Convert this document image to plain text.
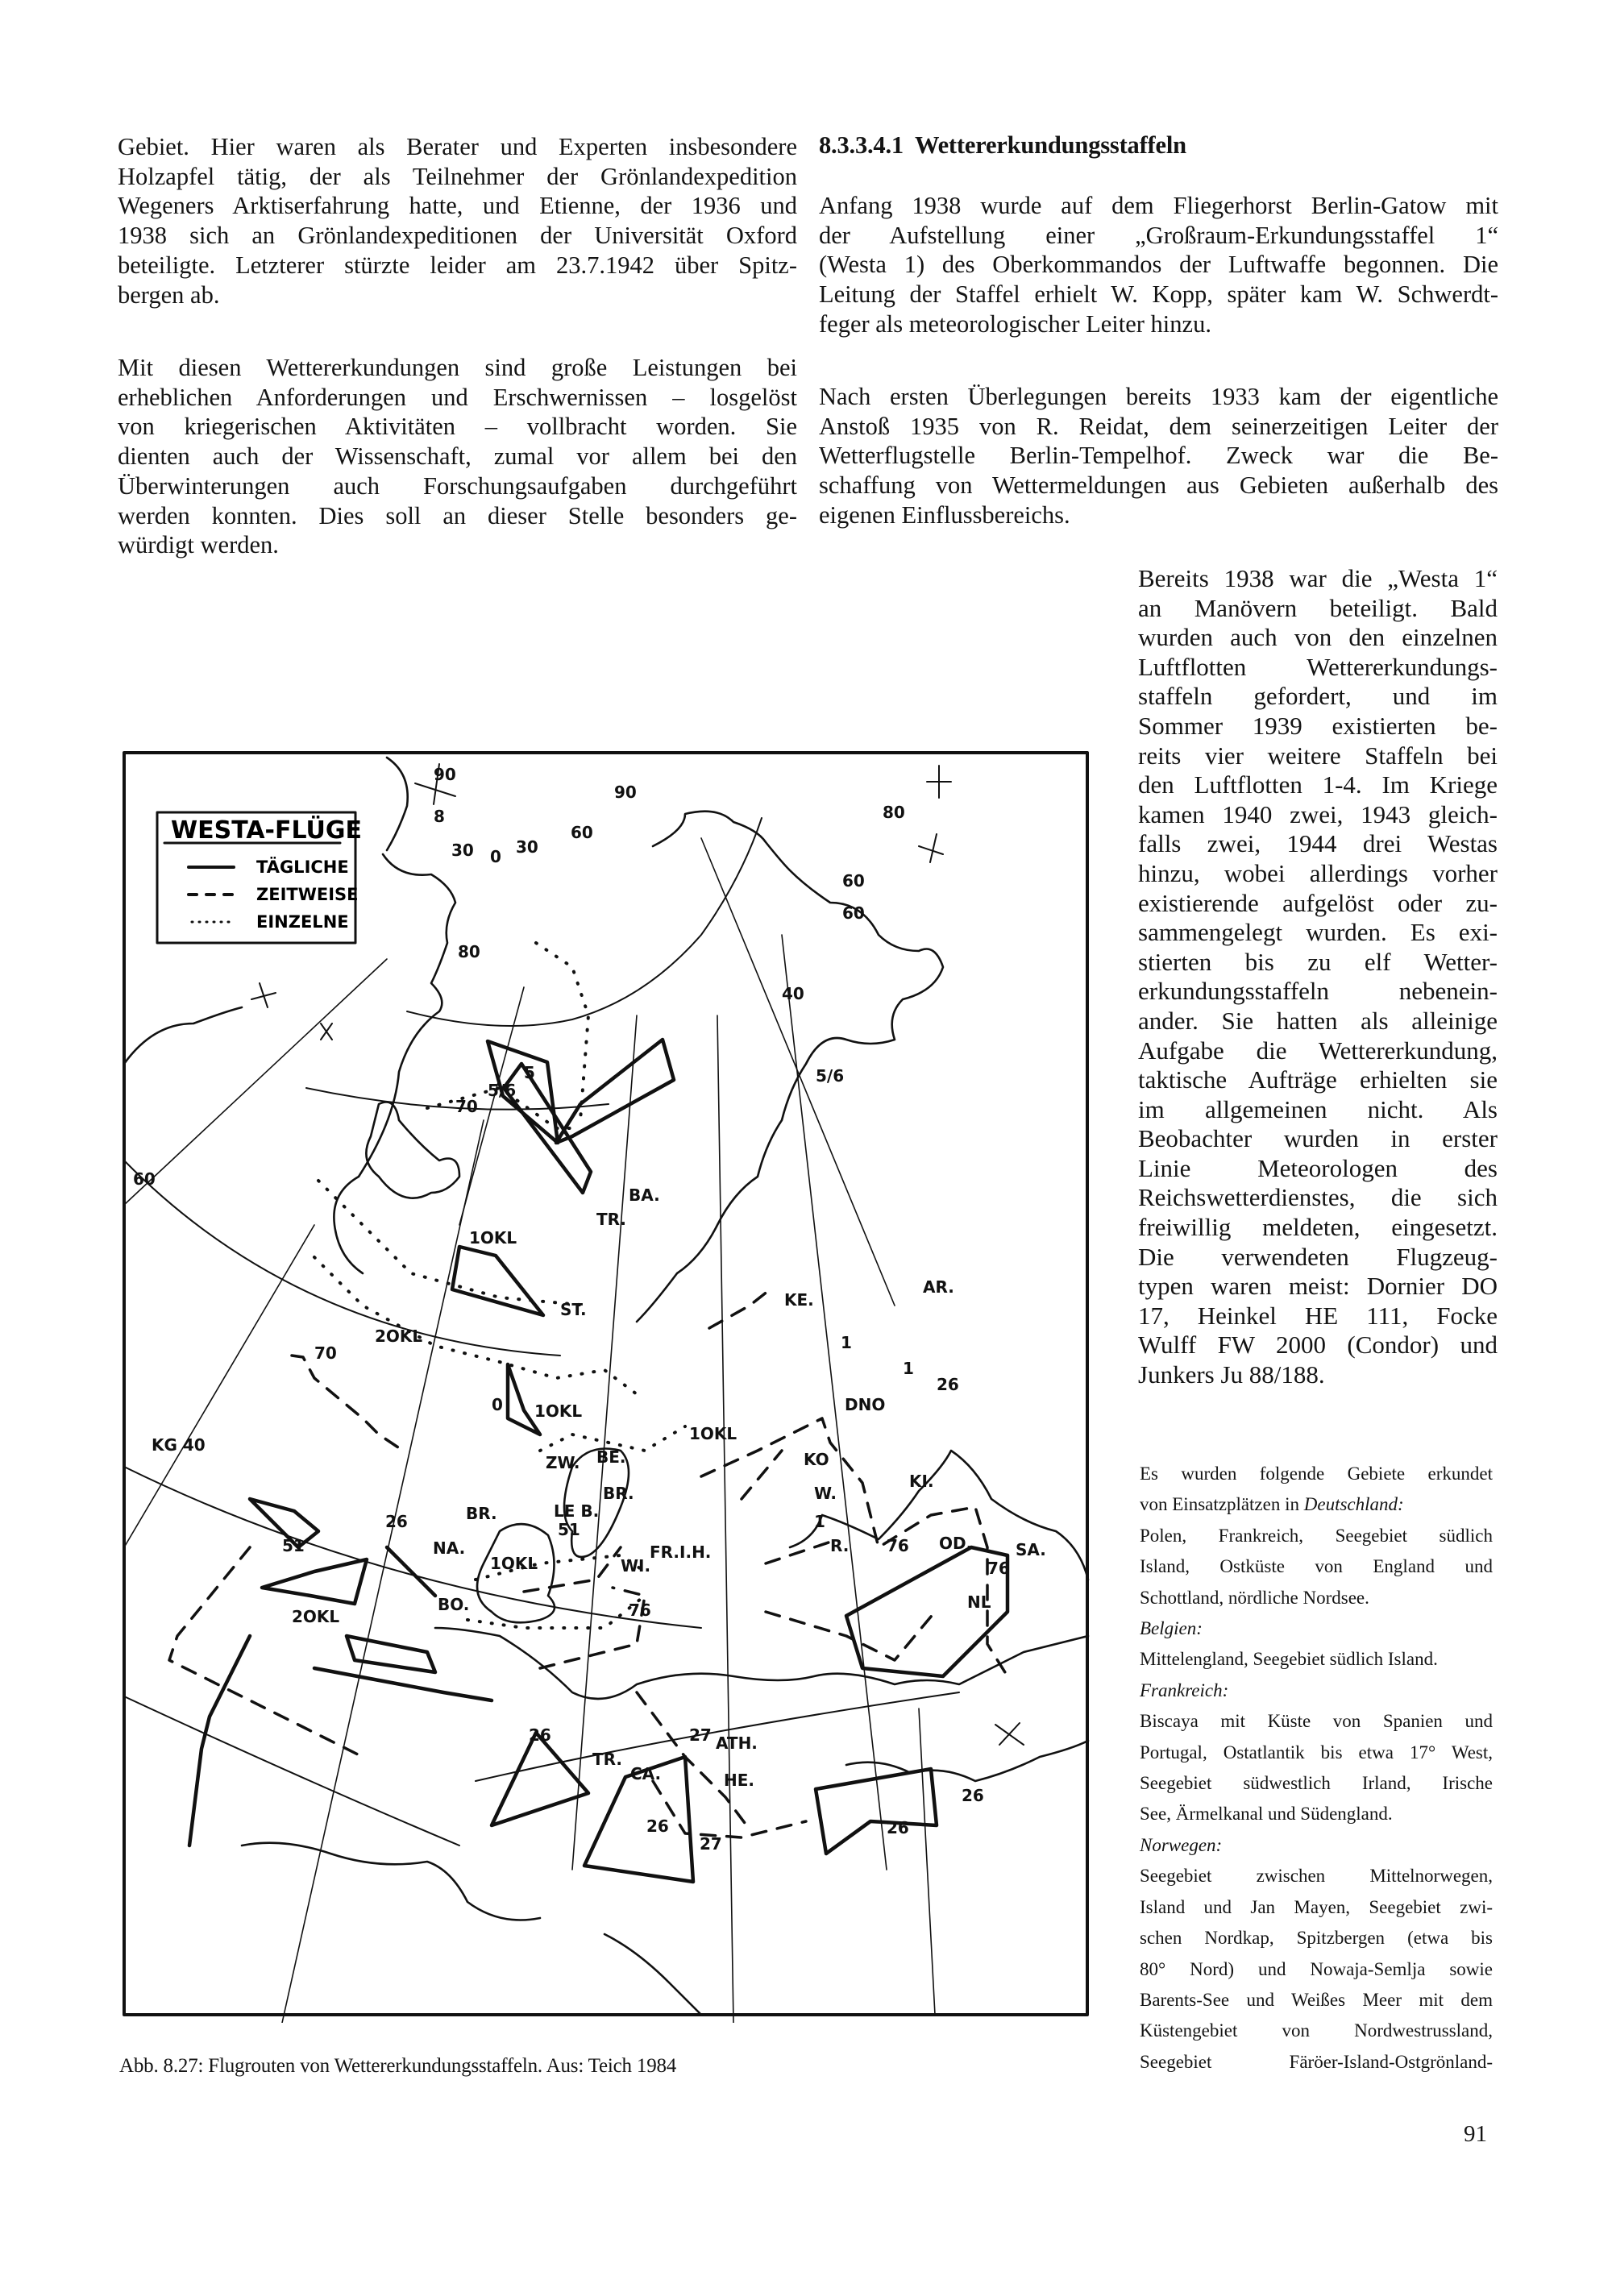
Gebiet. Hier waren als Berater und Experten insbesondere
Holzapfel tätig, der als Teilnehmer der Grönlandexpedition
Wegeners Arktiserfahrung hatte, und Etienne, der 1936 und
1938 sich an Grönlandexpeditionen der Universität Oxford
beteiligte. Letzterer stürzte leider am 23.7.1942 über Spitz-
bergen ab.
Mit diesen Wettererkundungen sind große Leistungen bei
erheblichen Anforderungen und Erschwernissen – losgelöst
von kriegerischen Aktivitäten – vollbracht worden. Sie
dienten auch der Wissenschaft, zumal vor allem bei den
Überwinterungen auch Forschungsaufgaben durchgeführt
werden konnten. Dies soll an dieser Stelle besonders ge-
würdigt werden.
8.3.3.4.1 Wettererkundungsstaffeln
Anfang 1938 wurde auf dem Fliegerhorst Berlin-Gatow mit
der Aufstellung einer „Großraum-Erkundungsstaffel 1“
(Westa 1) des Oberkommandos der Luftwaffe begonnen. Die
Leitung der Staffel erhielt W. Kopp, später kam W. Schwerdt-
feger als meteorologischer Leiter hinzu.
Nach ersten Überlegungen bereits 1933 kam der eigentliche
Anstoß 1935 von R. Reidat, dem seinerzeitigen Leiter der
Wetterflugstelle Berlin-Tempelhof. Zweck war die Be-
schaffung von Wettermeldungen aus Gebieten außerhalb des
eigenen Einflussbereichs.
Bereits 1938 war die „Westa 1“
an Manövern beteiligt. Bald
wurden auch von den einzelnen
Luftflotten Wettererkundungs-
staffeln gefordert, und im
Sommer 1939 existierten be-
reits vier weitere Staffeln bei
den Luftflotten 1-4. Im Kriege
kamen 1940 zwei, 1943 gleich-
falls zwei, 1944 drei Westas
hinzu, wobei allerdings vorher
existierende aufgelöst oder zu-
sammengelegt wurden. Es exi-
stierten bis zu elf Wetter-
erkundungsstaffeln nebenein-
ander. Sie hatten als alleinige
Aufgabe die Wettererkundung,
taktische Aufträge erhielten sie
im allgemeinen nicht. Als
Beobachter wurden in erster
Linie Meteorologen des
Reichswetterdienstes, die sich
freiwillig meldeten, eingesetzt.
Die verwendeten Flugzeug-
typen waren meist: Dornier DO
17, Heinkel HE 111, Focke
Wulff FW 2000 (Condor) und
Junkers Ju 88/188.
Es wurden folgende Gebiete erkundet
von Einsatzplätzen in Deutschland:
Polen, Frankreich, Seegebiet südlich
Island, Ostküste von England und
Schottland, nördliche Nordsee.
Belgien:
Mittelengland, Seegebiet südlich Island.
Frankreich:
Biscaya mit Küste von Spanien und
Portugal, Ostatlantik bis etwa 17° West,
Seegebiet südwestlich Irland, Irische
See, Ärmelkanal und Südengland.
Norwegen:
Seegebiet zwischen Mittelnorwegen,
Island und Jan Mayen, Seegebiet zwi-
schen Nordkap, Spitzbergen (etwa bis
80° Nord) und Nowaja-Semlja sowie
Barents-See und Weißes Meer mit dem
Küstengebiet von Nordwestrussland,
Seegebiet Färöer-Island-Ostgrönland-
WESTA-FLÜGE
TÄGLICHE
ZEITWEISE
EINZELNE
90
8
30 0 30
60
90
80
60
40
80
60
70
60
70
0
BA.
TR.
ST.	KE.
AR.
KO
W.
KI.
R.
DNO
BE.
ZW.
BR.
BR.	LE B.
FR.I.H.
NA.
BO.
WI.
OD.
NL
SA.
TR.
CA.
ATH.
HE.
KG 40
5/6
5/6
5
1OKL
1OKL
1OKL
1OKL
2OKL
2OKL
51
51
26
26
26
26	26
26
27
27
76
76
76
1
1
1

Abb. 8.27: Flugrouten von Wettererkundungsstaffeln. Aus: Teich 1984

91
